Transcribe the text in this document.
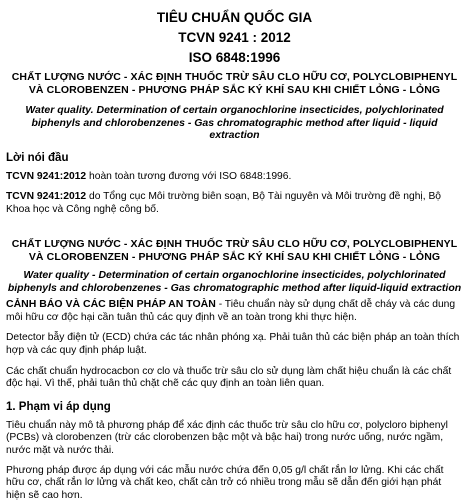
TIÊU CHUẨN QUỐC GIA
TCVN 9241 : 2012
ISO 6848:1996
CHẤT LƯỢNG NƯỚC - XÁC ĐỊNH THUỐC TRỪ SÂU CLO HỮU CƠ, POLYCLOBIPHENYL VÀ CLOROBENZEN - PHƯƠNG PHÁP SẮC KÝ KHÍ SAU KHI CHIẾT LỎNG - LỎNG
Water quality. Determination of certain organochlorine insecticides, polychlorinated biphenyls and chlorobenzenes - Gas chromatographic method after liquid - liquid extraction
Lời nói đầu
TCVN 9241:2012 hoàn toàn tương đương với ISO 6848:1996.
TCVN 9241:2012 do Tổng cục Môi trường biên soạn, Bộ Tài nguyên và Môi trường đề nghị, Bộ Khoa học và Công nghệ công bố.
CHẤT LƯỢNG NƯỚC - XÁC ĐỊNH THUỐC TRỪ SÂU CLO HỮU CƠ, POLYCLOBIPHENYL VÀ CLOROBENZEN - PHƯƠNG PHÁP SẮC KÝ KHÍ SAU KHI CHIẾT LỎNG - LỎNG
Water quality - Determination of certain organochlorine insecticides, polychlorinated biphenyls and chlorobenzenes - Gas chromatographic method after liquid-liquid extraction
CẢNH BÁO VÀ CÁC BIỆN PHÁP AN TOÀN - Tiêu chuẩn này sử dụng chất dễ cháy và các dung môi hữu cơ độc hại cần tuân thủ các quy định về an toàn trong khi thực hiện.
Detector bẫy điện tử (ECD) chứa các tác nhân phóng xạ. Phải tuân thủ các biện pháp an toàn thích hợp và các quy định pháp luật.
Các chất chuẩn hydrocacbon cơ clo và thuốc trừ sâu clo sử dụng làm chất hiệu chuẩn là các chất độc hại. Vì thế, phải tuân thủ chặt chẽ các quy định an toàn liên quan.
1. Phạm vi áp dụng
Tiêu chuẩn này mô tả phương pháp để xác định các thuốc trừ sâu clo hữu cơ, polycloro biphenyl (PCBs) và clorobenzen (trừ các clorobenzen bậc một và bậc hai) trong nước uống, nước ngầm, nước mặt và nước thải.
Phương pháp được áp dụng với các mẫu nước chứa đến 0,05 g/l chất rắn lơ lửng. Khi các chất hữu cơ, chất rắn lơ lửng và chất keo, chất cản trở có nhiều trong mẫu sẽ dẫn đến giới hạn phát hiện sẽ cao hơn.
